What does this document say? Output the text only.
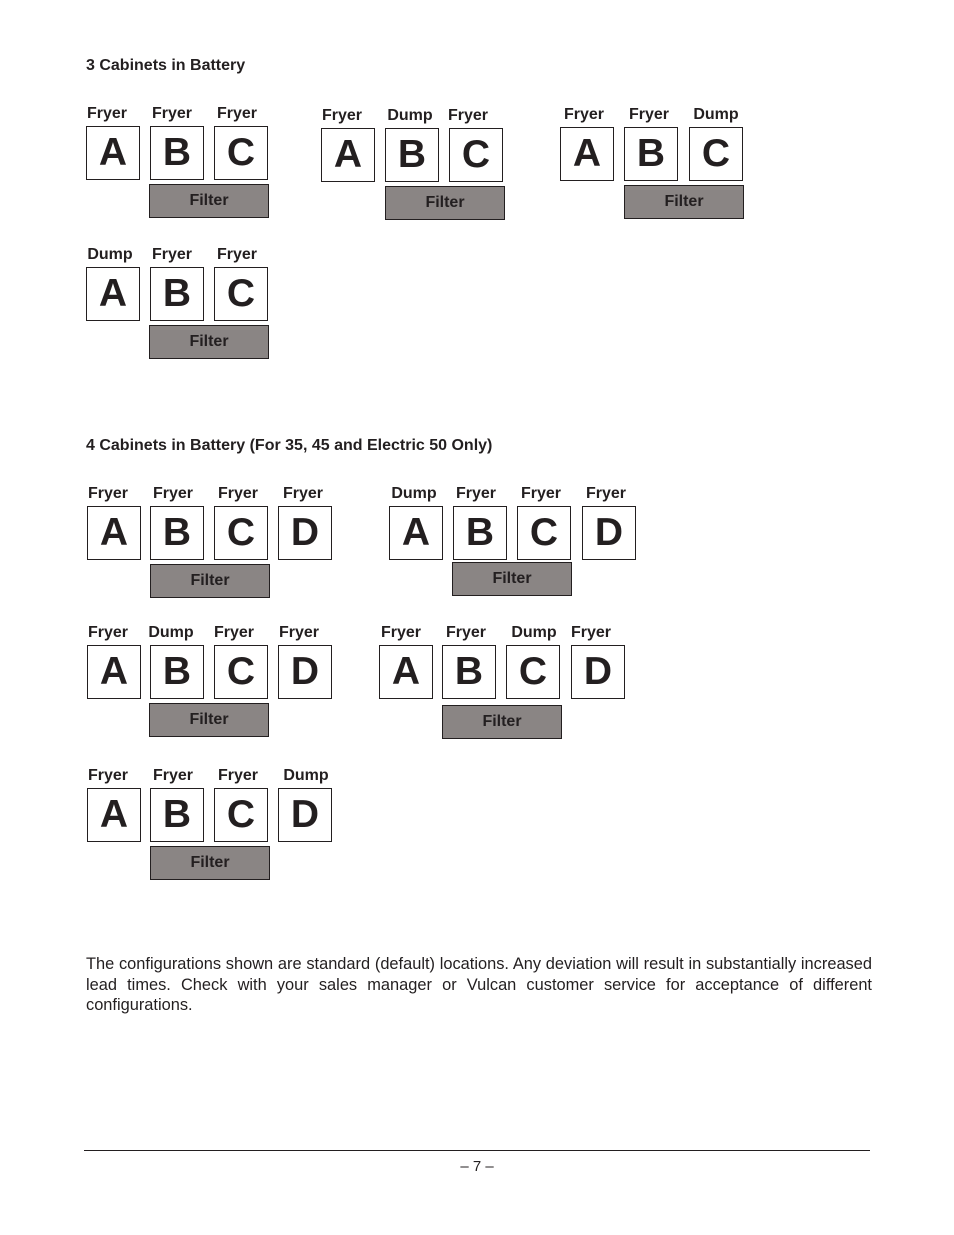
3 Cabinets in Battery
Fryer	Fryer	Fryer
A B C
Filter
Fryer	Dump Fryer
A B C
Filter
Fryer	Fryer	Dump
A B C
Filter
Dump	Fryer	Fryer
A B C
Filter
4 Cabinets in Battery (For 35, 45 and Electric 50 Only)
Fryer	Fryer	Fryer	Fryer
A B C D
Filter
Dump	Fryer	Fryer	Fryer
A B C D
Filter
Fryer	Dump	Fryer	Fryer
A B C D
Filter
Fryer	Fryer	Dump Fryer
A B C D
Filter
Fryer	Fryer	Fryer	Dump
A B C D
Filter

The configurations shown are standard (default) locations. Any deviation will result in substantially increased lead times. Check with your sales manager or Vulcan customer service for acceptance of different configurations.

– 7 –
